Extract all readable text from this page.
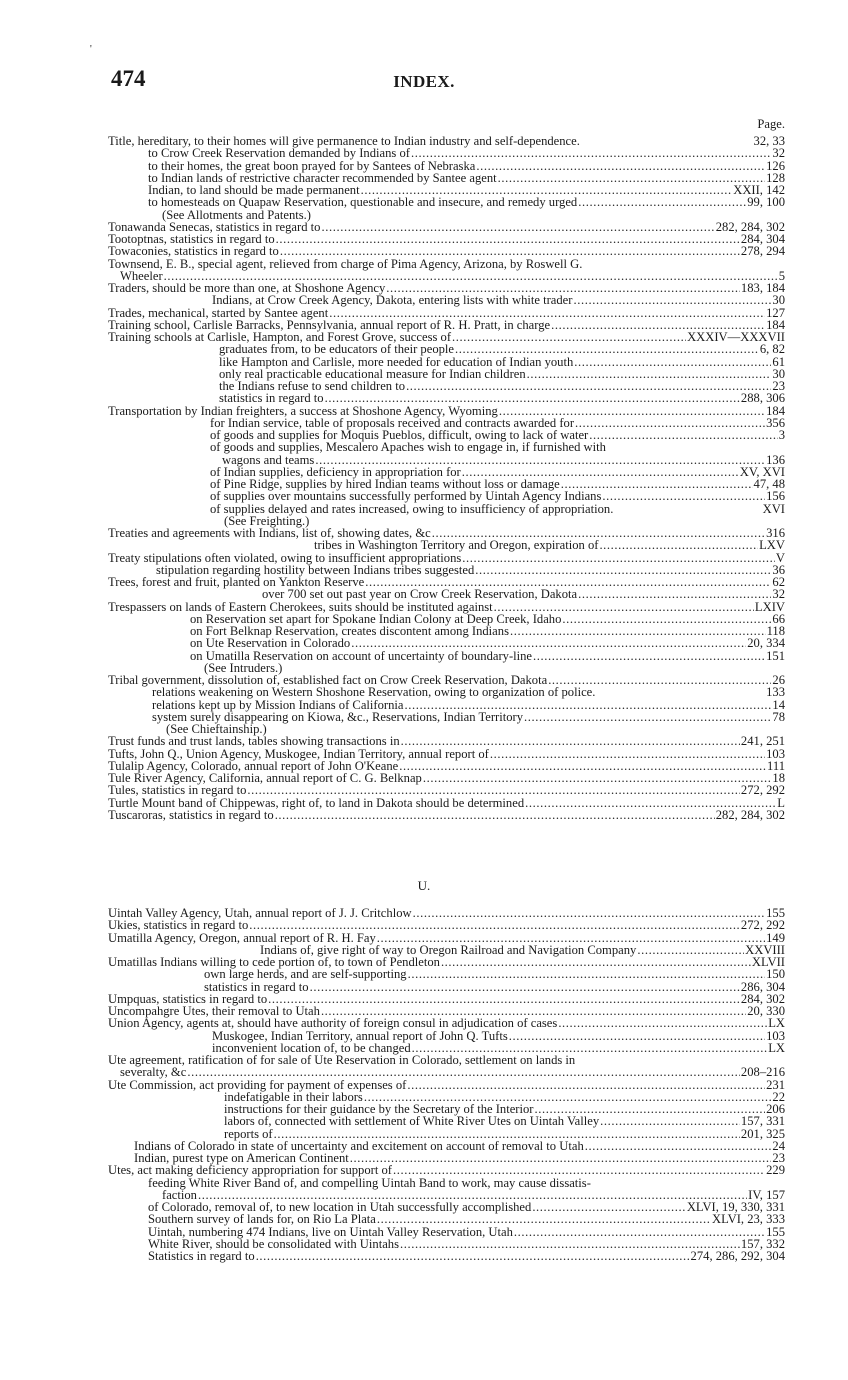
'
474	INDEX.
Page.
Title, hereditary, to their homes will give permanence to Indian industry and self-dependence.	32, 33
to Crow Creek Reservation demanded by Indians of .....	32
to their homes, the great boon prayed for by Santees of Nebraska .....	126
to Indian lands of restrictive character recommended by Santee agent .....	128
Indian, to land should be made permanent .....	XXII, 142
to homesteads on Quapaw Reservation, questionable and insecure, and remedy urged .....	99, 100
(See Allotments and Patents.)
Tonawanda Senecas, statistics in regard to .....	282, 284, 302
Tootoptnas, statistics in regard to .....	284, 304
Towaconies, statistics in regard to .....	278, 294
Townsend, E. B., special agent, relieved from charge of Pima Agency, Arizona, by Roswell G.
Wheeler .....	5
Traders, should be more than one, at Shoshone Agency .....	183, 184
Indians, at Crow Creek Agency, Dakota, entering lists with white trader .....	30
Trades, mechanical, started by Santee agent .....	127
Training school, Carlisle Barracks, Pennsylvania, annual report of R. H. Pratt, in charge .....	184
Training schools at Carlisle, Hampton, and Forest Grove, success of .....	XXXIV—XXXVII
graduates from, to be educators of their people .....	6, 82
like Hampton and Carlisle, more needed for education of Indian youth .....	61
only real practicable educational measure for Indian children .....	30
the Indians refuse to send children to .....	23
statistics in regard to .....	288, 306
Transportation by Indian freighters, a success at Shoshone Agency, Wyoming .....	184
for Indian service, table of proposals received and contracts awarded for .....	356
of goods and supplies for Moquis Pueblos, difficult, owing to lack of water .....	3
of goods and supplies, Mescalero Apaches wish to engage in, if furnished with
wagons and teams .....	136
of Indian supplies, deficiency in appropriation for .....	XV, XVI
of Pine Ridge, supplies by hired Indian teams without loss or damage .....	47, 48
of supplies over mountains successfully performed by Uintah Agency Indians .....	156
of supplies delayed and rates increased, owing to insufficiency of appropriation.	XVI
(See Freighting.)
Treaties and agreements with Indians, list of, showing dates, &c .....	316
tribes in Washington Territory and Oregon, expiration of .....	LXV
Treaty stipulations often violated, owing to insufficient appropriations .....	V
stipulation regarding hostility between Indians tribes suggested .....	36
Trees, forest and fruit, planted on Yankton Reserve .....	62
over 700 set out past year on Crow Creek Reservation, Dakota .....	32
Trespassers on lands of Eastern Cherokees, suits should be instituted against .....	LXIV
on Reservation set apart for Spokane Indian Colony at Deep Creek, Idaho .....	66
on Fort Belknap Reservation, creates discontent among Indians .....	118
on Ute Reservation in Colorado .....	20, 334
on Umatilla Reservation on account of uncertainty of boundary-line .....	151
(See Intruders.)
Tribal government, dissolution of, established fact on Crow Creek Reservation, Dakota .....	26
relations weakening on Western Shoshone Reservation, owing to organization of police.	133
relations kept up by Mission Indians of California .....	14
system surely disappearing on Kiowa, &c., Reservations, Indian Territory .....	78
(See Chieftainship.)
Trust funds and trust lands, tables showing transactions in .....	241, 251
Tufts, John Q., Union Agency, Muskogee, Indian Territory, annual report of .....	103
Tulalip Agency, Colorado, annual report of John O'Keane .....	111
Tule River Agency, California, annual report of C. G. Belknap .....	18
Tules, statistics in regard to .....	272, 292
Turtle Mount band of Chippewas, right of, to land in Dakota should be determined .....	L
Tuscaroras, statistics in regard to .....	282, 284, 302
U.
Uintah Valley Agency, Utah, annual report of J. J. Critchlow .....	155
Ukies, statistics in regard to .....	272, 292
Umatilla Agency, Oregon, annual report of R. H. Fay .....	149
Indians of, give right of way to Oregon Railroad and Navigation Company .....	XXVIII
Umatillas Indians willing to cede portion of, to town of Pendleton .....	XLVII
own large herds, and are self-supporting .....	150
statistics in regard to .....	286, 304
Umpquas, statistics in regard to .....	284, 302
Uncompahgre Utes, their removal to Utah .....	20, 330
Union Agency, agents at, should have authority of foreign consul in adjudication of cases .....	LX
Muskogee, Indian Territory, annual report of John Q. Tufts .....	103
inconvenient location of, to be changed .....	LX
Ute agreement, ratification of for sale of Ute Reservation in Colorado, settlement on lands in
severalty, &c .....	208–216
Ute Commission, act providing for payment of expenses of .....	231
indefatigable in their labors .....	22
instructions for their guidance by the Secretary of the Interior .....	206
labors of, connected with settlement of White River Utes on Uintah Valley .....	157, 331
reports of .....	201, 325
Indians of Colorado in state of uncertainty and excitement on account of removal to Utah .....	24
Indian, purest type on American Continent .....	23
Utes, act making deficiency appropriation for support of .....	229
feeding White River Band of, and compelling Uintah Band to work, may cause dissatis-
faction .....	IV, 157
of Colorado, removal of, to new location in Utah successfully accomplished .....	XLVI, 19, 330, 331
Southern survey of lands for, on Rio La Plata .....	XLVI, 23, 333
Uintah, numbering 474 Indians, live on Uintah Valley Reservation, Utah .....	155
White River, should be consolidated with Uintahs .....	157, 332
Statistics in regard to .....	274, 286, 292, 304
